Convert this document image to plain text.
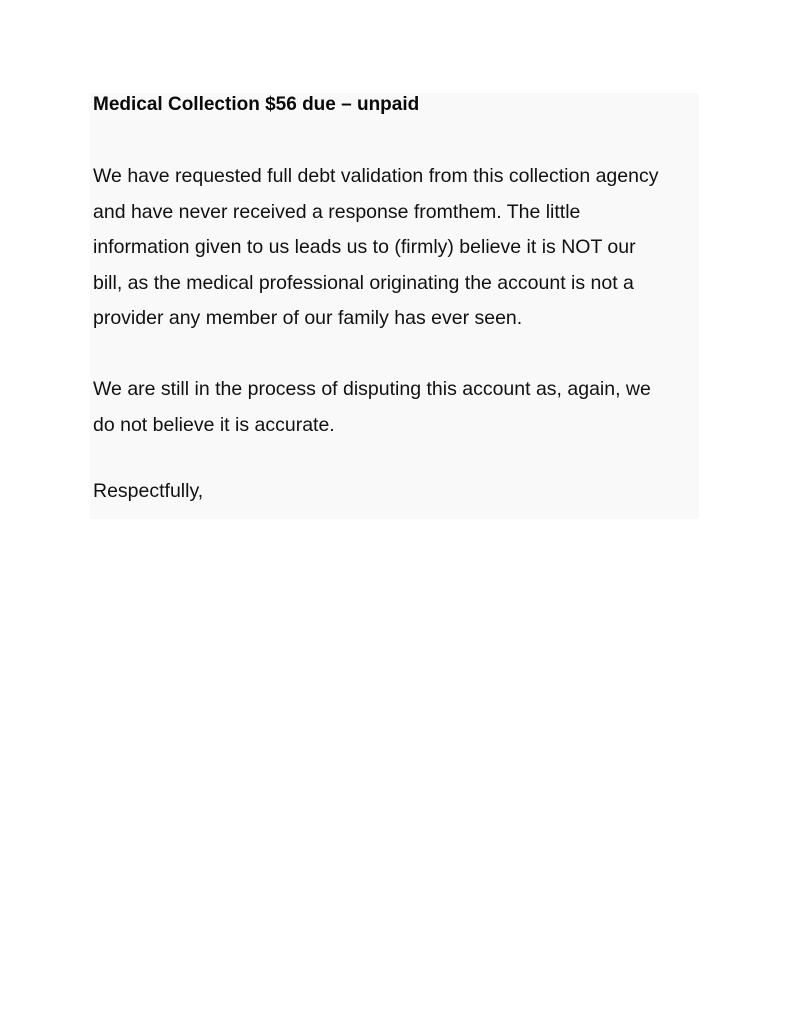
Medical Collection $56 due – unpaid
We have requested full debt validation from this collection agency
and have never received a response fromthem. The little
information given to us leads us to (firmly) believe it is NOT our
bill, as the medical professional originating the account is not a
provider any member of our family has ever seen.
We are still in the process of disputing this account as, again, we
do not believe it is accurate.
Respectfully,
